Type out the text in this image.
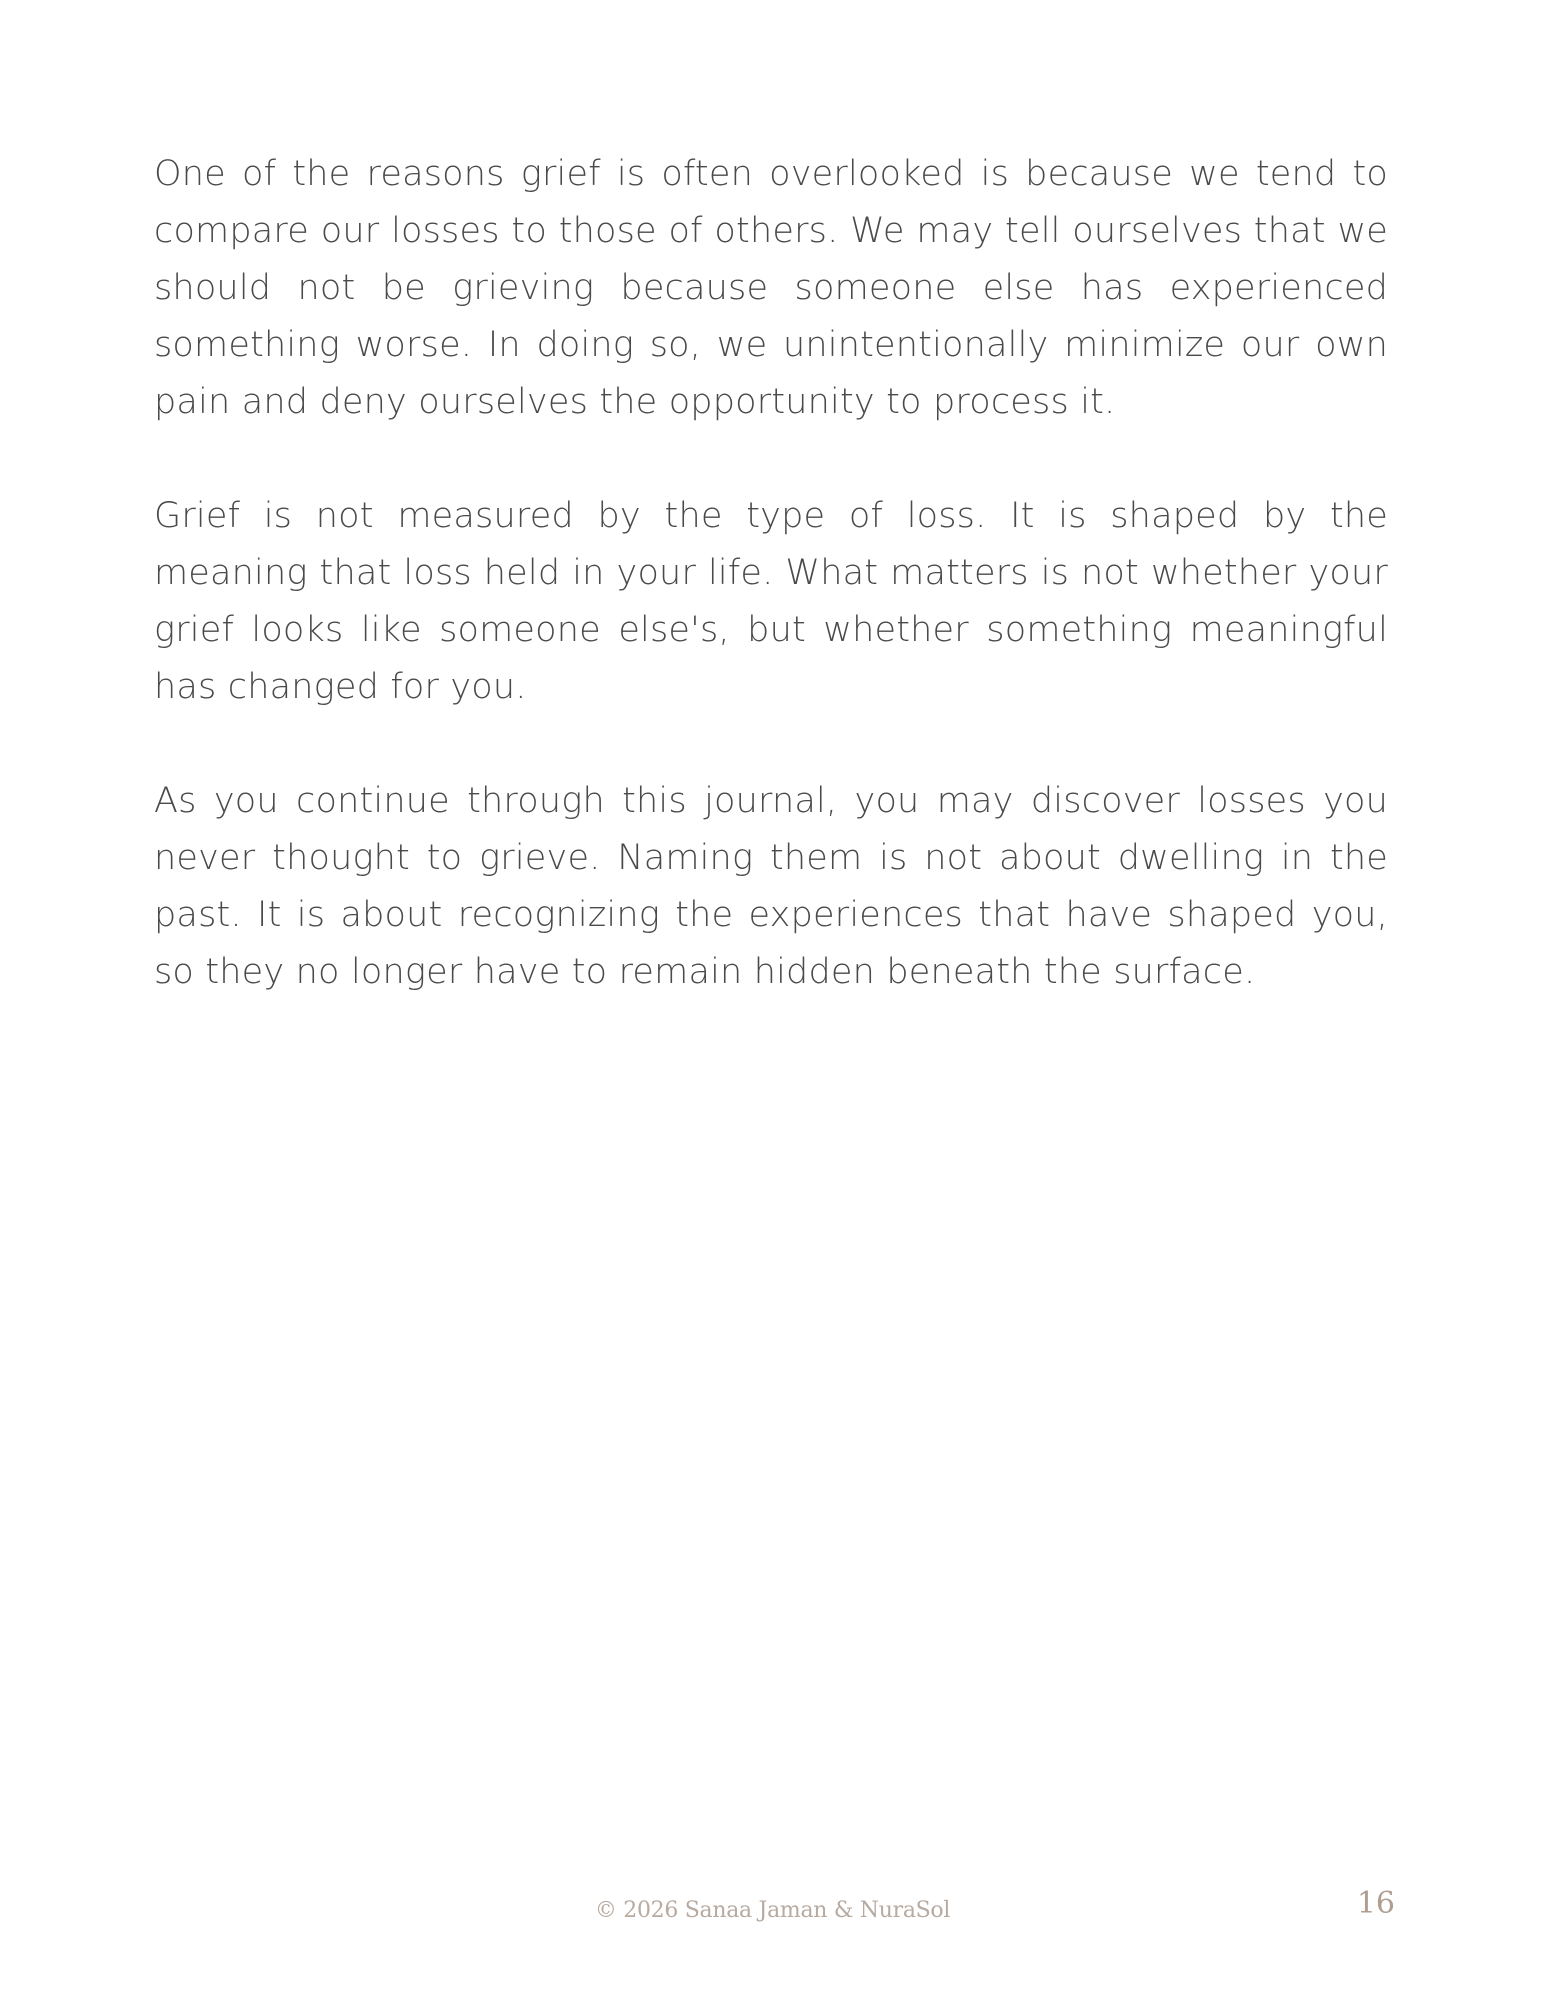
One of the reasons grief is often overlooked is because we tend to compare our losses to those of others. We may tell ourselves that we should not be grieving because someone else has experienced something worse. In doing so, we unintentionally minimize our own pain and deny ourselves the opportunity to process it.

Grief is not measured by the type of loss. It is shaped by the meaning that loss held in your life. What matters is not whether your grief looks like someone else's, but whether something meaningful has changed for you.

As you continue through this journal, you may discover losses you never thought to grieve. Naming them is not about dwelling in the past. It is about recognizing the experiences that have shaped you, so they no longer have to remain hidden beneath the surface.

© 2026 Sanaa Jaman & NuraSol	16
